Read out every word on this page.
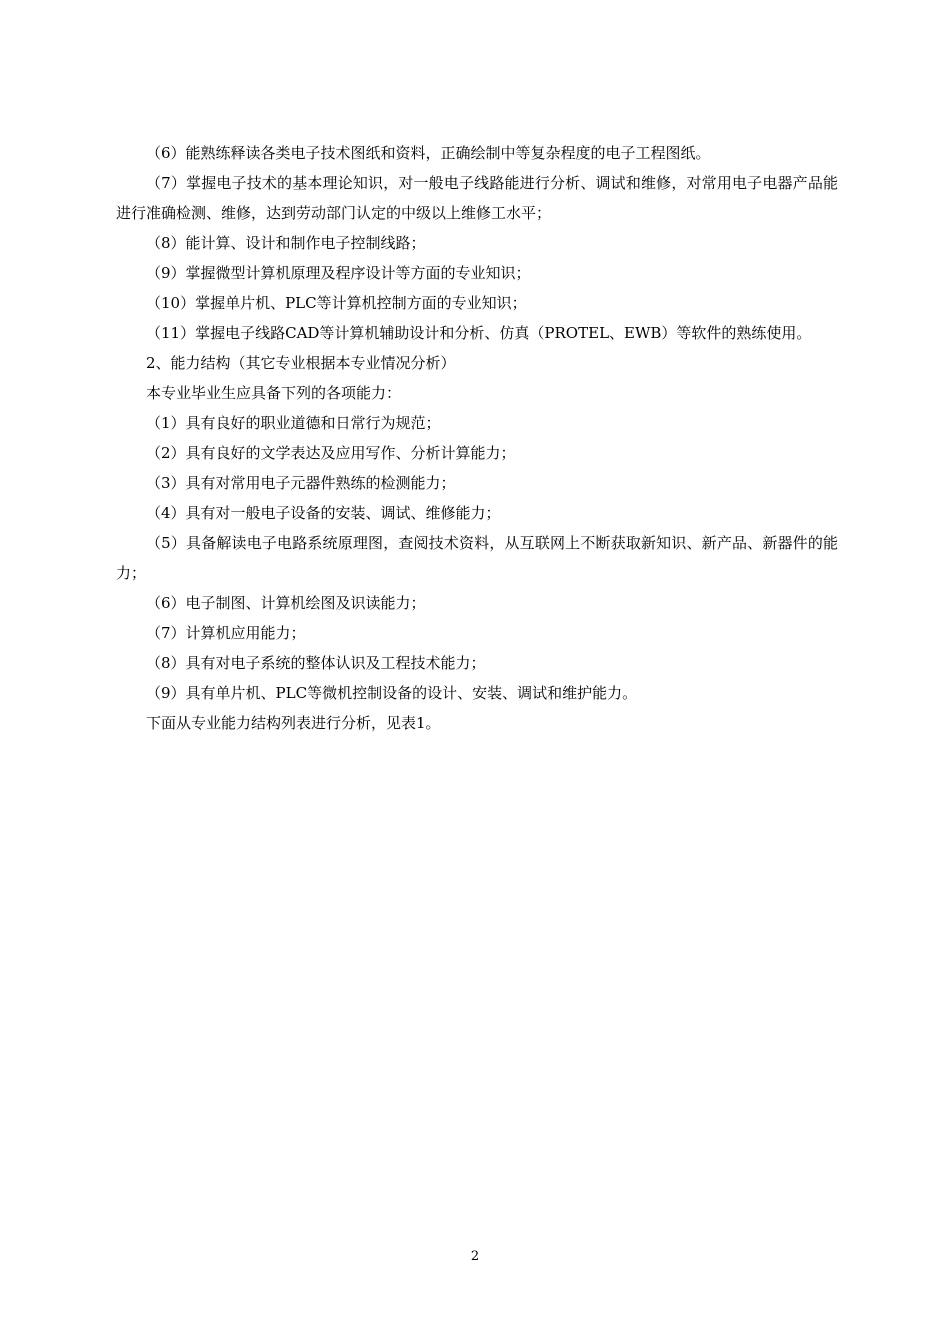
（6）能熟练释读各类电子技术图纸和资料，正确绘制中等复杂程度的电子工程图纸。

（7）掌握电子技术的基本理论知识，对一般电子线路能进行分析、调试和维修，对常用电子电器产品能进行准确检测、维修，达到劳动部门认定的中级以上维修工水平；

（8）能计算、设计和制作电子控制线路；

（9）掌握微型计算机原理及程序设计等方面的专业知识；

（10）掌握单片机、PLC等计算机控制方面的专业知识；

（11）掌握电子线路CAD等计算机辅助设计和分析、仿真（PROTEL、EWB）等软件的熟练使用。

2、能力结构（其它专业根据本专业情况分析）

本专业毕业生应具备下列的各项能力：

（1）具有良好的职业道德和日常行为规范；

（2）具有良好的文学表达及应用写作、分析计算能力；

（3）具有对常用电子元器件熟练的检测能力；

（4）具有对一般电子设备的安装、调试、维修能力；

（5）具备解读电子电路系统原理图，查阅技术资料，从互联网上不断获取新知识、新产品、新器件的能力；

（6）电子制图、计算机绘图及识读能力；

（7）计算机应用能力；

（8）具有对电子系统的整体认识及工程技术能力；

（9）具有单片机、PLC等微机控制设备的设计、安装、调试和维护能力。

下面从专业能力结构列表进行分析，见表1。

2
